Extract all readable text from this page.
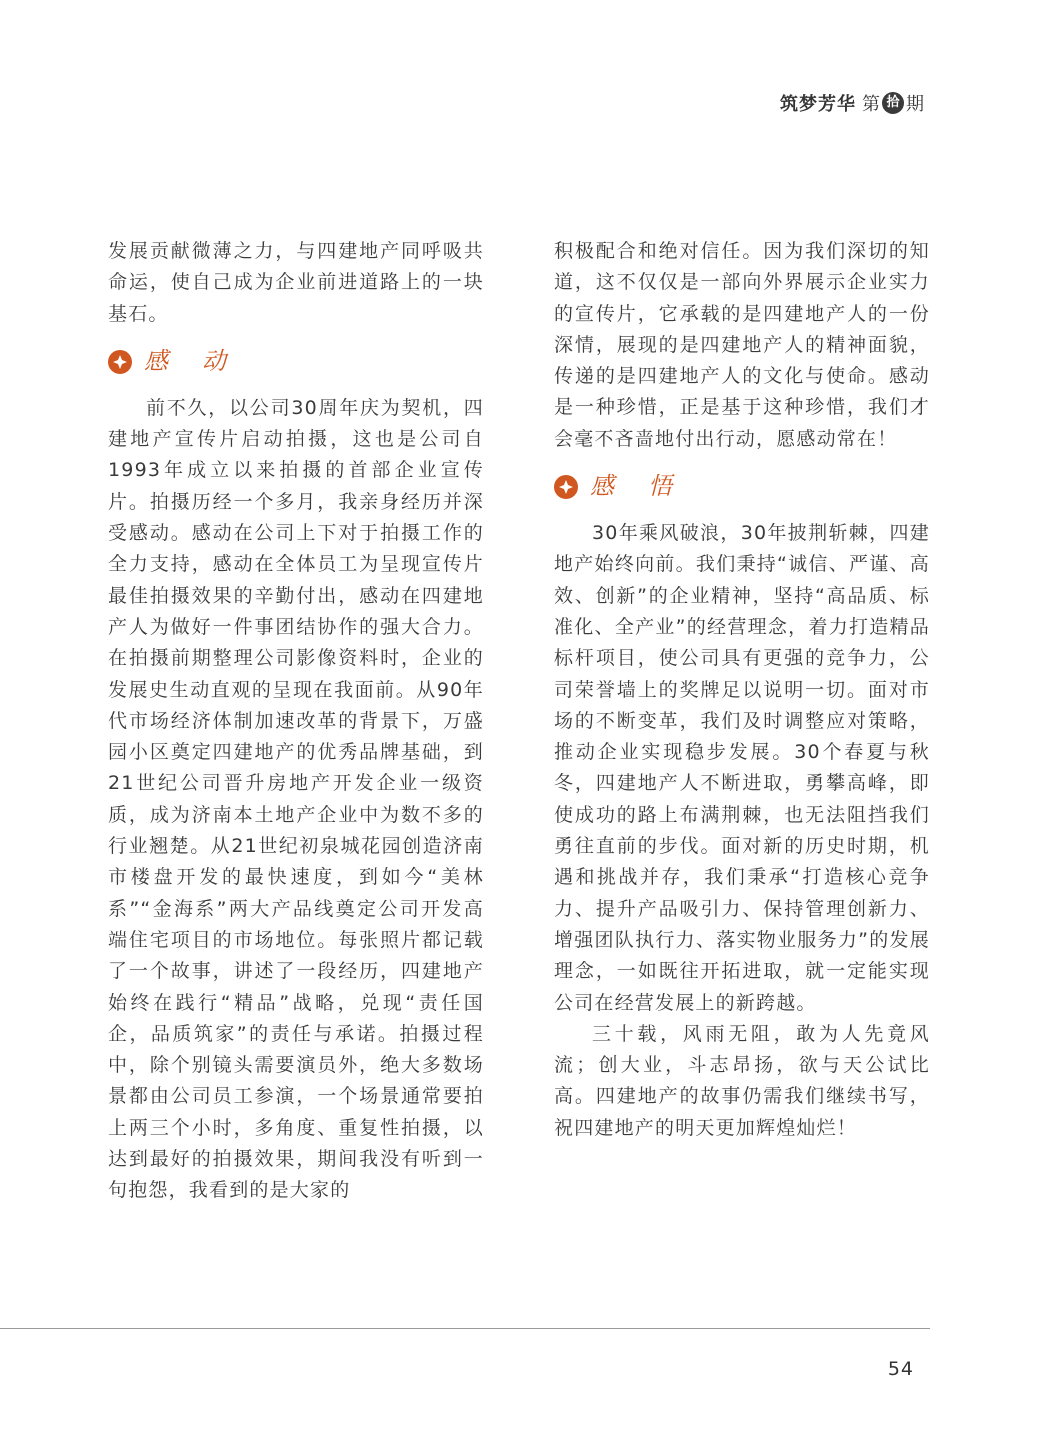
筑梦芳华 第 拾 期

发展贡献微薄之力，与四建地产同呼吸共命运，使自己成为企业前进道路上的一块基石。

感动

前不久，以公司30周年庆为契机，四建地产宣传片启动拍摄，这也是公司自1993年成立以来拍摄的首部企业宣传片。拍摄历经一个多月，我亲身经历并深受感动。感动在公司上下对于拍摄工作的全力支持，感动在全体员工为呈现宣传片最佳拍摄效果的辛勤付出，感动在四建地产人为做好一件事团结协作的强大合力。在拍摄前期整理公司影像资料时，企业的发展史生动直观的呈现在我面前。从90年代市场经济体制加速改革的背景下，万盛园小区奠定四建地产的优秀品牌基础，到21世纪公司晋升房地产开发企业一级资质，成为济南本土地产企业中为数不多的行业翘楚。从21世纪初泉城花园创造济南市楼盘开发的最快速度，到如今“美林系”“金海系”两大产品线奠定公司开发高端住宅项目的市场地位。每张照片都记载了一个故事，讲述了一段经历，四建地产始终在践行“精品”战略，兑现“责任国企，品质筑家”的责任与承诺。拍摄过程中，除个别镜头需要演员外，绝大多数场景都由公司员工参演，一个场景通常要拍上两三个小时，多角度、重复性拍摄，以达到最好的拍摄效果，期间我没有听到一句抱怨，我看到的是大家的

积极配合和绝对信任。因为我们深切的知道，这不仅仅是一部向外界展示企业实力的宣传片，它承载的是四建地产人的一份深情，展现的是四建地产人的精神面貌，传递的是四建地产人的文化与使命。感动是一种珍惜，正是基于这种珍惜，我们才会毫不吝啬地付出行动，愿感动常在！

感悟

30年乘风破浪，30年披荆斩棘，四建地产始终向前。我们秉持“诚信、严谨、高效、创新”的企业精神，坚持“高品质、标准化、全产业”的经营理念，着力打造精品标杆项目，使公司具有更强的竞争力，公司荣誉墙上的奖牌足以说明一切。面对市场的不断变革，我们及时调整应对策略，推动企业实现稳步发展。30个春夏与秋冬，四建地产人不断进取，勇攀高峰，即使成功的路上布满荆棘，也无法阻挡我们勇往直前的步伐。面对新的历史时期，机遇和挑战并存，我们秉承“打造核心竞争力、提升产品吸引力、保持管理创新力、增强团队执行力、落实物业服务力”的发展理念，一如既往开拓进取，就一定能实现公司在经营发展上的新跨越。

三十载，风雨无阻，敢为人先竟风流；创大业，斗志昂扬，欲与天公试比高。四建地产的故事仍需我们继续书写，祝四建地产的明天更加辉煌灿烂！

54
